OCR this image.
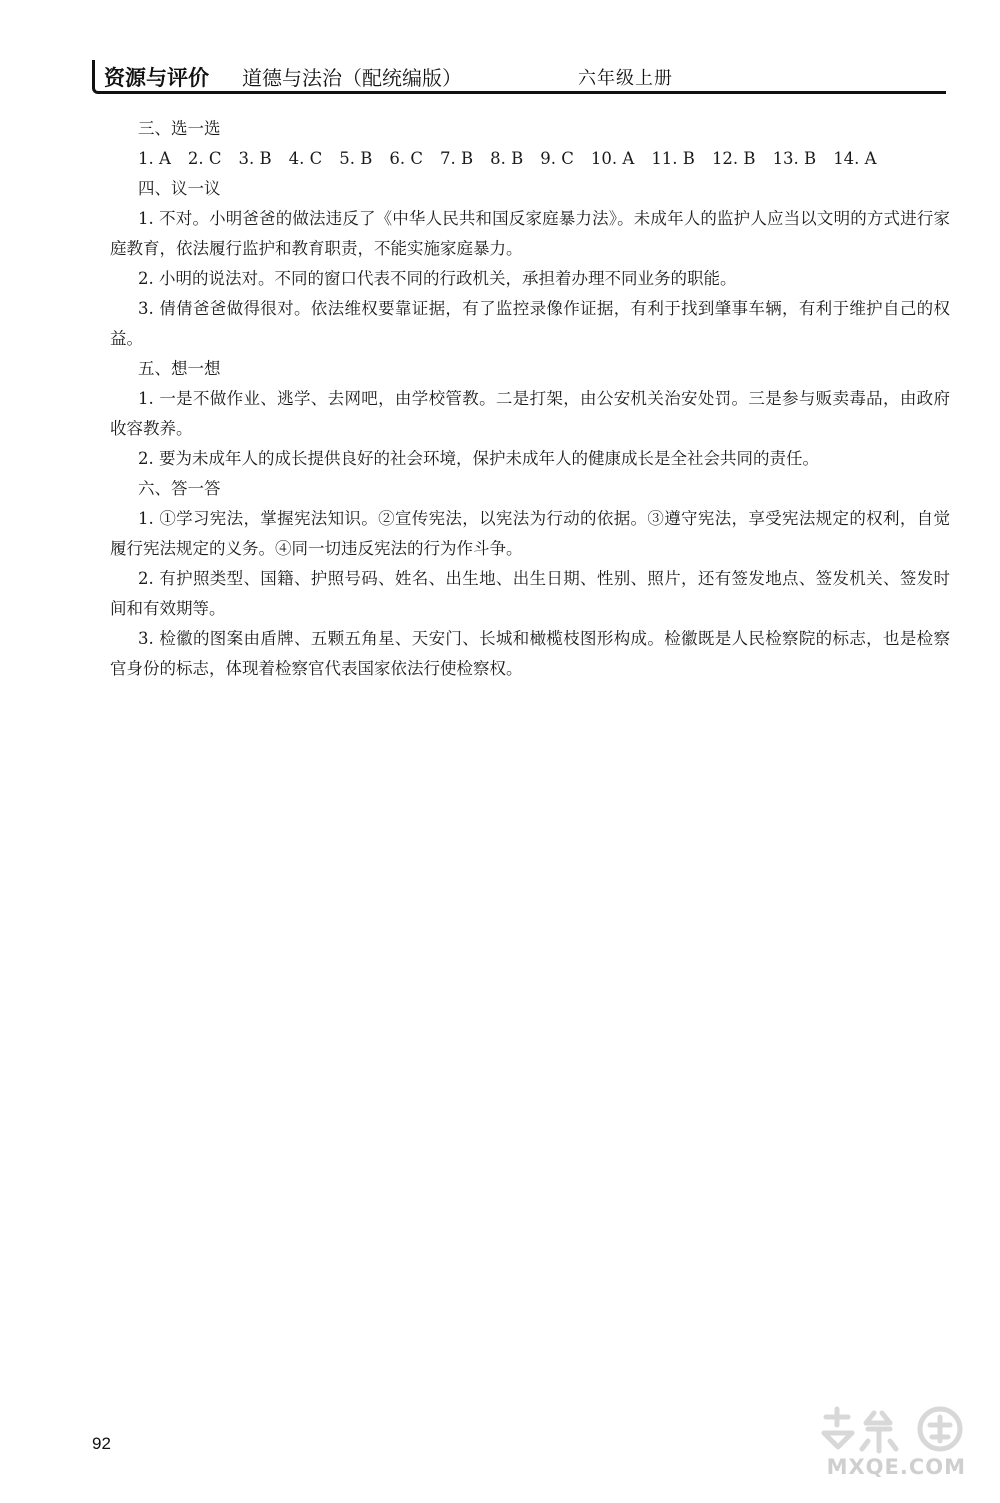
资源与评价 道德与法治（配统编版）	六年级上册

三、选一选

1. A 2. C 3. B 4. C 5. B 6. C 7. B 8. B 9. C 10. A 11. B 12. B 13. B 14. A

四、议一议

1. 不对。小明爸爸的做法违反了《中华人民共和国反家庭暴力法》。未成年人的监护人应当以文明的方式进行家庭教育，依法履行监护和教育职责，不能实施家庭暴力。

2. 小明的说法对。不同的窗口代表不同的行政机关，承担着办理不同业务的职能。

3. 倩倩爸爸做得很对。依法维权要靠证据，有了监控录像作证据，有利于找到肇事车辆，有利于维护自己的权益。

五、想一想

1. 一是不做作业、逃学、去网吧，由学校管教。二是打架，由公安机关治安处罚。三是参与贩卖毒品，由政府收容教养。

2. 要为未成年人的成长提供良好的社会环境，保护未成年人的健康成长是全社会共同的责任。

六、答一答

1. ①学习宪法，掌握宪法知识。②宣传宪法，以宪法为行动的依据。③遵守宪法，享受宪法规定的权利，自觉履行宪法规定的义务。④同一切违反宪法的行为作斗争。

2. 有护照类型、国籍、护照号码、姓名、出生地、出生日期、性别、照片，还有签发地点、签发机关、签发时间和有效期等。

3. 检徽的图案由盾牌、五颗五角星、天安门、长城和橄榄枝图形构成。检徽既是人民检察院的标志，也是检察官身份的标志，体现着检察官代表国家依法行使检察权。

92
MXQE.COM
